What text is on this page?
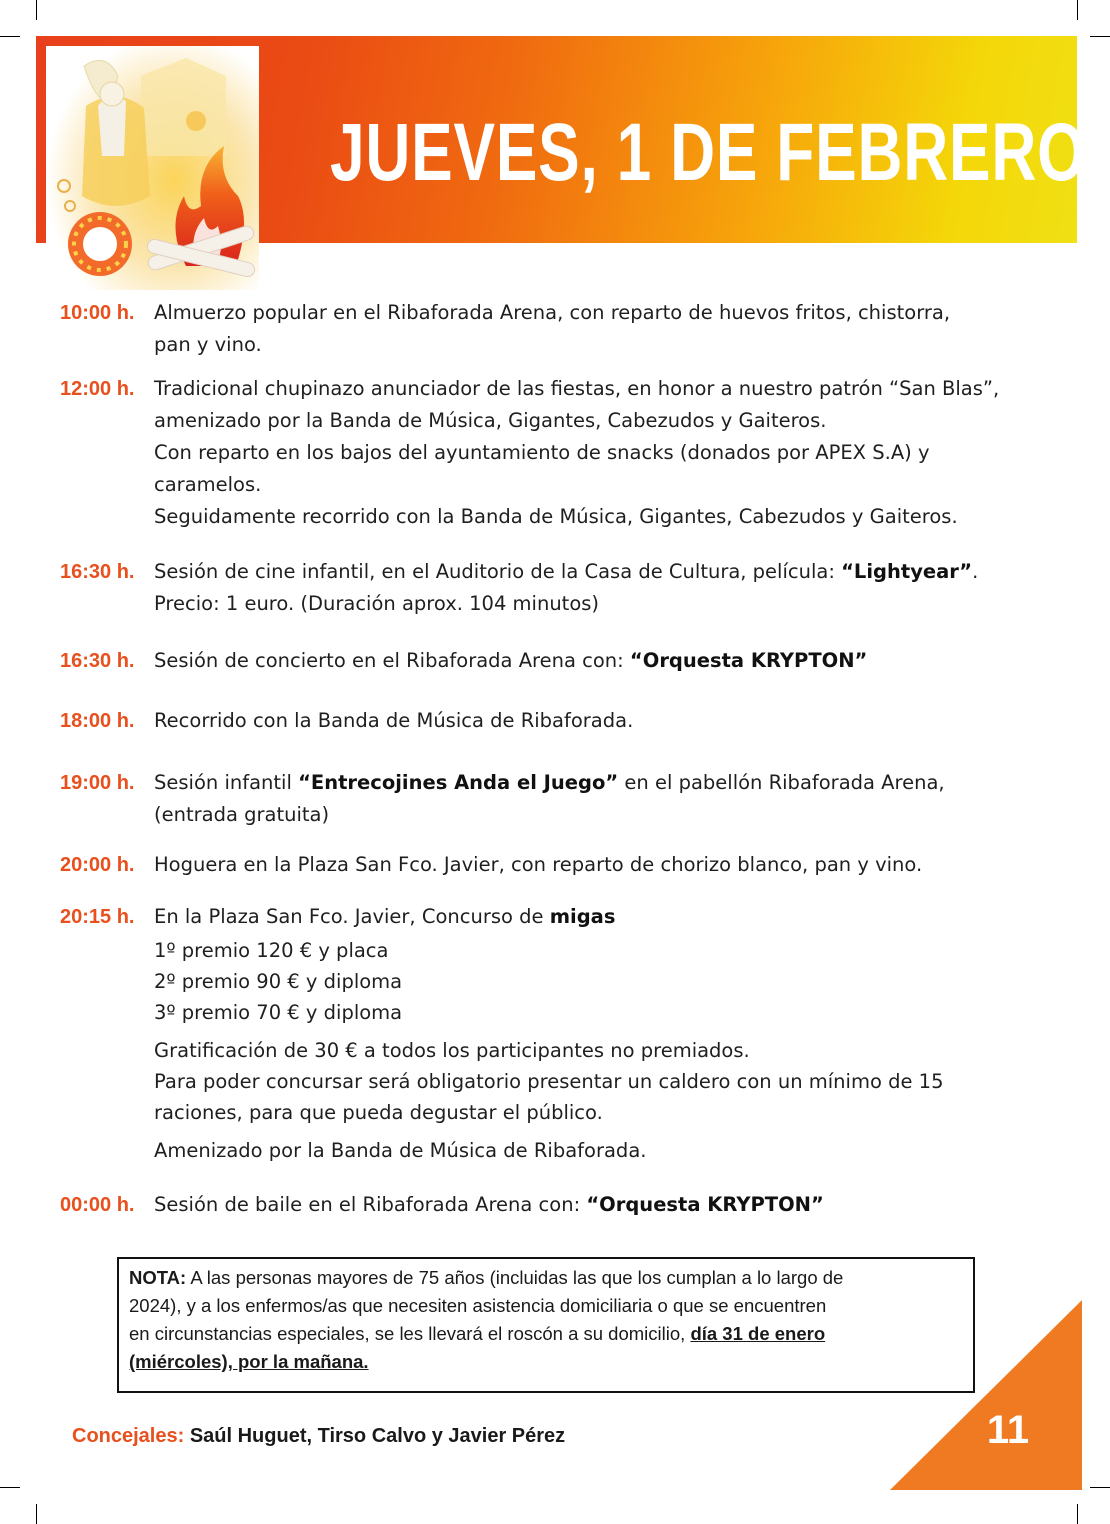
JUEVES, 1 DE FEBRERO
10:00 h.	Almuerzo popular en el Ribaforada Arena, con reparto de huevos fritos, chistorra,
pan y vino.
12:00 h.	Tradicional chupinazo anunciador de las fiestas, en honor a nuestro patrón “San Blas”,
amenizado por la Banda de Música, Gigantes, Cabezudos y Gaiteros.
Con reparto en los bajos del ayuntamiento de snacks (donados por APEX S.A) y
caramelos.
Seguidamente recorrido con la Banda de Música, Gigantes, Cabezudos y Gaiteros.
16:30 h.	Sesión de cine infantil, en el Auditorio de la Casa de Cultura, película: “Lightyear”.
Precio: 1 euro. (Duración aprox. 104 minutos)
16:30 h.	Sesión de concierto en el Ribaforada Arena con: “Orquesta KRYPTON”
18:00 h.	Recorrido con la Banda de Música de Ribaforada.
19:00 h.	Sesión infantil “Entrecojines Anda el Juego” en el pabellón Ribaforada Arena,
(entrada gratuita)
20:00 h.	Hoguera en la Plaza San Fco. Javier, con reparto de chorizo blanco, pan y vino.
20:15 h.	En la Plaza San Fco. Javier, Concurso de migas
1º premio 120 € y placa
2º premio 90 € y diploma
3º premio 70 € y diploma
Gratificación de 30 € a todos los participantes no premiados.
Para poder concursar será obligatorio presentar un caldero con un mínimo de 15
raciones, para que pueda degustar el público.
Amenizado por la Banda de Música de Ribaforada.
00:00 h.	Sesión de baile en el Ribaforada Arena con: “Orquesta KRYPTON”
NOTA: A las personas mayores de 75 años (incluidas las que los cumplan a lo largo de
2024), y a los enfermos/as que necesiten asistencia domiciliaria o que se encuentren
en circunstancias especiales, se les llevará el roscón a su domicilio, día 31 de enero
(miércoles), por la mañana.
Concejales: Saúl Huguet, Tirso Calvo y Javier Pérez	11
